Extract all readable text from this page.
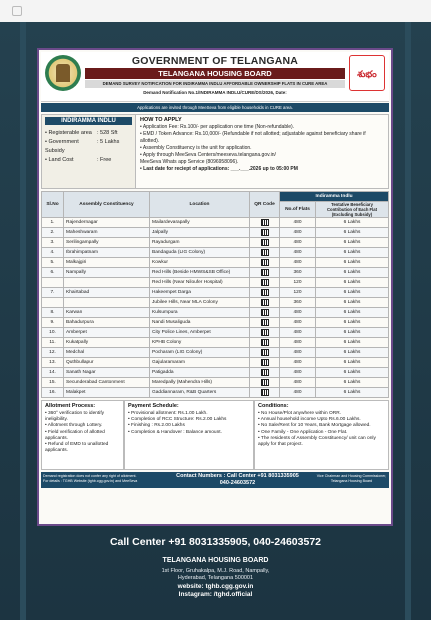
GOVERNMENT OF TELANGANA
TELANGANA HOUSING BOARD
DEMAND SURVEY NOTIFICATION FOR INDIRAMMA INDLU AFFORDABLE OWNERSHIP FLATS IN CURE AREA
Demand Notification No.1/INDIRAMMA INDLU/CURE/DS/2026, Date:
శుభం
Applications are invited through MeeSeva from eligible households in CURE area.
INDIRAMMA INDLU
• Registerable area : 528 Sft
• Government Subsidy
: 5 Lakhs
• Land Cost	: Free
HOW TO APPLY
• Application Fee: Rs.100/- per application one time (Non-refundable).
• EMD / Token Advance: Rs.10,000/- (Refundable if not allotted; adjustable against beneficiary share if allotted).
• Assembly Constituency is the unit for application.
• Apply through MeeSeva Centers/meeseva.telangana.gov.in/
MeeSeva Whats app Service (8096958096).
• Last date for reciept of applications: ___.___.2026 up to 05:00 PM
Sl.No	Assembly Constituency	Location	QR Code	Indiramma Indlu	
				No.of Flats	Tentative Beneficiary Contribution of Each Flat (Excluding Subsidy)
1.	Rajendernagar	Mailardevarapally		480	6 Lakhs
2.	Maheshwaram	Jalpally		480	6 Lakhs
3.	Serilingampally	Rayadurgam		480	6 Lakhs
4.	Ibrahimpatnam	Bandaguda (LIG Colony)		480	6 Lakhs
5.	Malkajgiri	Kowkur		480	6 Lakhs
6.	Nampally	Red Hills (Beside HMWS&SB Office)		360	6 Lakhs
		Red Hills (Near Niloufer Hospital)		120	6 Lakhs
7.	Khairtabad	Hakeempet Darga		120	6 Lakhs
		Jubilee Hills, Near MLA Colony		360	6 Lakhs
8.	Karwan	Kulsumpura		480	6 Lakhs
9.	Bahadurpura	Nandi Musaliguda		480	6 Lakhs
10.	Amberpet	City Police Lines, Amberpet		480	6 Lakhs
11.	Kukatpally	KPHB Colony		480	6 Lakhs
12.	Medchal	Pocharam (LIG Colony)		480	6 Lakhs
13.	Quthbullapur	Gajularamaram		480	6 Lakhs
14.	Sanath Nagar	Patigadda		480	6 Lakhs
15.	Secunderabad Cantonment	Maredpally (Mahendra Hills)		480	6 Lakhs
16.	Malakpet	Gaddiannaram, R&B Quarters		480	6 Lakhs
Allotment Process:
• 360° verification to identify ineligibility.
• Allotment through Lottery.
• Field verification of allotted applicants.
• Refund of EMD to unallotted applicants.
Payment Schedule:
• Provisional allotment: Rs.1.00 Lakh.
• Completion of RCC Structure: Rs.2.00 Lakhs
• Finishing : Rs.2.00 Lakhs
• Completion & Handover : Balance amount.
Conditions:
• No House/Plot anywhere within ORR.
• Annual household income Upto Rs.6.00 Lakhs.
• No Sale/Rent for 10 Years, Bank Mortgage allowed.
• One Family - One Application - One Flat.
• The residents of Assembly Constituency/ unit can only apply for that project.
Demand registration does not confer any right of allotment.
For details : TGHB Website (tghb.cgg.gov.in) and MeeSeva
Contact Numbers : Call Center +91 8031335905
040-24603572
Vice Chairman and Housing Commissioner, Telangana Housing Board
Call Center +91 8031335905, 040-24603572
TELANGANA HOUSING BOARD
1st Floor, Gruhakalpa, M.J. Road, Nampally,
Hyderabad, Telangana 500001
website: tghb.cgg.gov.in
Instagram: /tghd.official
